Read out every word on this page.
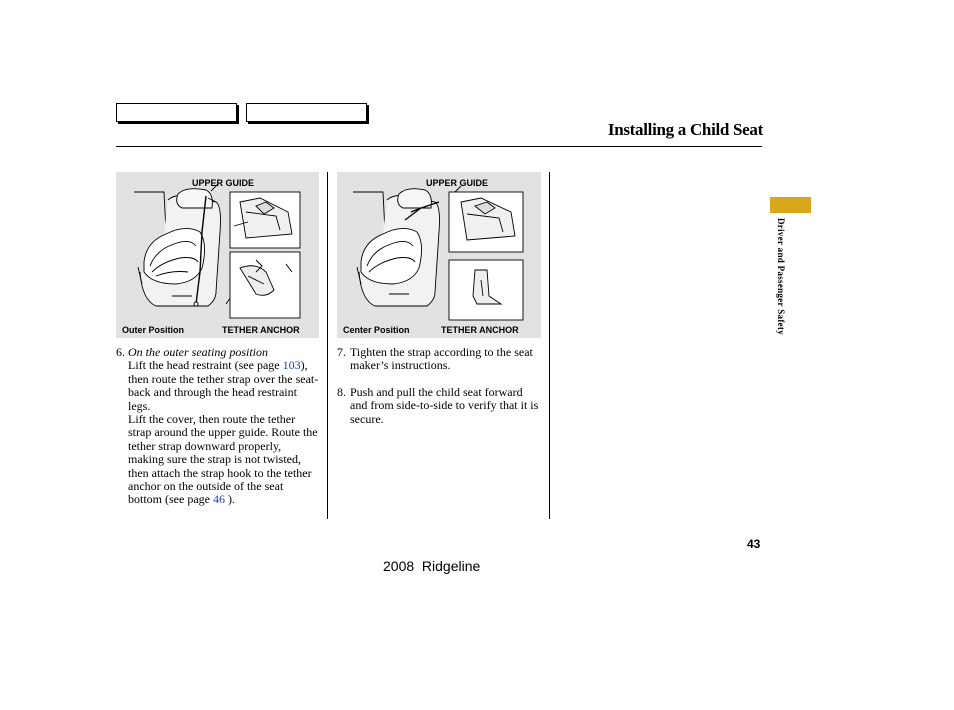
Installing a Child Seat
UPPER GUIDE
Outer Position	TETHER ANCHOR
UPPER GUIDE
Center Position	TETHER ANCHOR
6. On the outer seating position

Lift the head restraint (see page 103), then route the tether strap over the seat-back and through the head restraint legs.

Lift the cover, then route the tether strap around the upper guide. Route the tether strap downward properly, making sure the strap is not twisted, then attach the strap hook to the tether anchor on the outside of the seat bottom (see page 46 ).

7. Tighten the strap according to the seat maker’s instructions.

8. Push and pull the child seat forward and from side-to-side to verify that it is secure.

Driver and Passenger Safety
43
2008  Ridgeline
